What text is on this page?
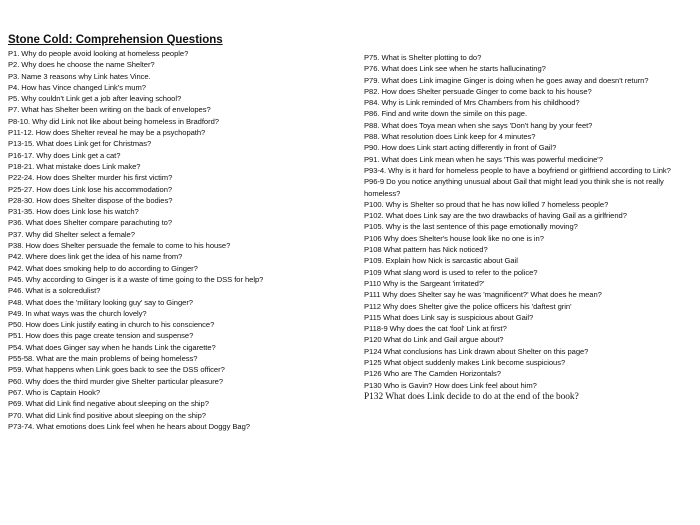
Stone Cold: Comprehension Questions
P1. Why do people avoid looking at homeless people?
P2. Why does he choose the name Shelter?
P3. Name 3 reasons why Link hates Vince.
P4. How has Vince changed Link's mum?
P5. Why couldn't Link get a job after leaving school?
P7. What has Shelter been writing on the back of envelopes?
P8-10. Why did Link not like about being homeless in Bradford?
P11-12. How does Shelter reveal he may be a psychopath?
P13-15. What does Link get for Christmas?
P16-17. Why does Link get a cat?
P18-21. What mistake does Link make?
P22-24. How does Shelter murder his first victim?
P25-27. How does Link lose his accommodation?
P28-30. How does Shelter dispose of the bodies?
P31-35. How does Link lose his watch?
P36. What does Shelter compare parachuting to?
P37. Why did Shelter select a female?
P38. How does Shelter persuade the female to come to his house?
P42. Where does link get the idea of his name from?
P42. What does smoking help to do according to Ginger?
P45. Why according to Ginger is it a waste of time going to the DSS for help?
P46. What is a solcredulist?
P48. What does the 'military looking guy' say to Ginger?
P49. In what ways was the church lovely?
P50. How does Link justify eating in church to his conscience?
P51. How does this page create tension and suspense?
P54. What does Ginger say when he hands Link the cigarette?
P55-58. What are the main problems of being homeless?
P59. What happens when Link goes back to see the DSS officer?
P60. Why does the third murder give Shelter particular pleasure?
P67. Who is Captain Hook?
P69. What did Link find negative about sleeping on the ship?
P70. What did Link find positive about sleeping on the ship?
P73-74. What emotions does Link feel when he hears about Doggy Bag?
P75. What is Shelter plotting to do?
P76. What does Link see when he starts hallucinating?
P79. What does Link imagine Ginger is doing when he goes away and doesn't return?
P82. How does Shelter persuade Ginger to come back to his house?
P84. Why is Link reminded of Mrs Chambers from his childhood?
P86. Find and write down the simile on this page.
P88. What does Toya mean when she says 'Don't hang by your feet?
P88. What resolution does Link keep for 4 minutes?
P90. How does Link start acting differently in front of Gail?
P91. What does Link mean when he says 'This was powerful medicine'?
P93-4. Why is it hard for homeless people to have a boyfriend or girlfriend according to Link?
P96-9 Do you notice anything unusual about Gail that might lead you think she is not really homeless?
P100. Why is Shelter so proud that he has now killed 7 homeless people?
P102. What does Link say are the two drawbacks of having Gail as a girlfriend?
P105. Why is the last sentence of this page emotionally moving?
P106 Why does Shelter's house look like no one is in?
P108 What pattern has Nick noticed?
P109. Explain how Nick is sarcastic about Gail
P109 What slang word is used to refer to the police?
P110 Why is the Sargeant 'irritated?'
P111 Why does Shelter say he was 'magnificent?' What does he mean?
P112 Why does Shelter give the police officers his 'daftest grin'
P115 What does Link say is suspicious about Gail?
P118-9 Why does the cat 'fool' Link at first?
P120 What do Link and Gail argue about?
P124 What conclusions has Link drawn about Shelter on this page?
P125 What object suddenly makes Link become suspicious?
P126 Who are The Camden Horizontals?
P130 Who is Gavin? How does Link feel about him?
P132 What does Link decide to do at the end of the book?
